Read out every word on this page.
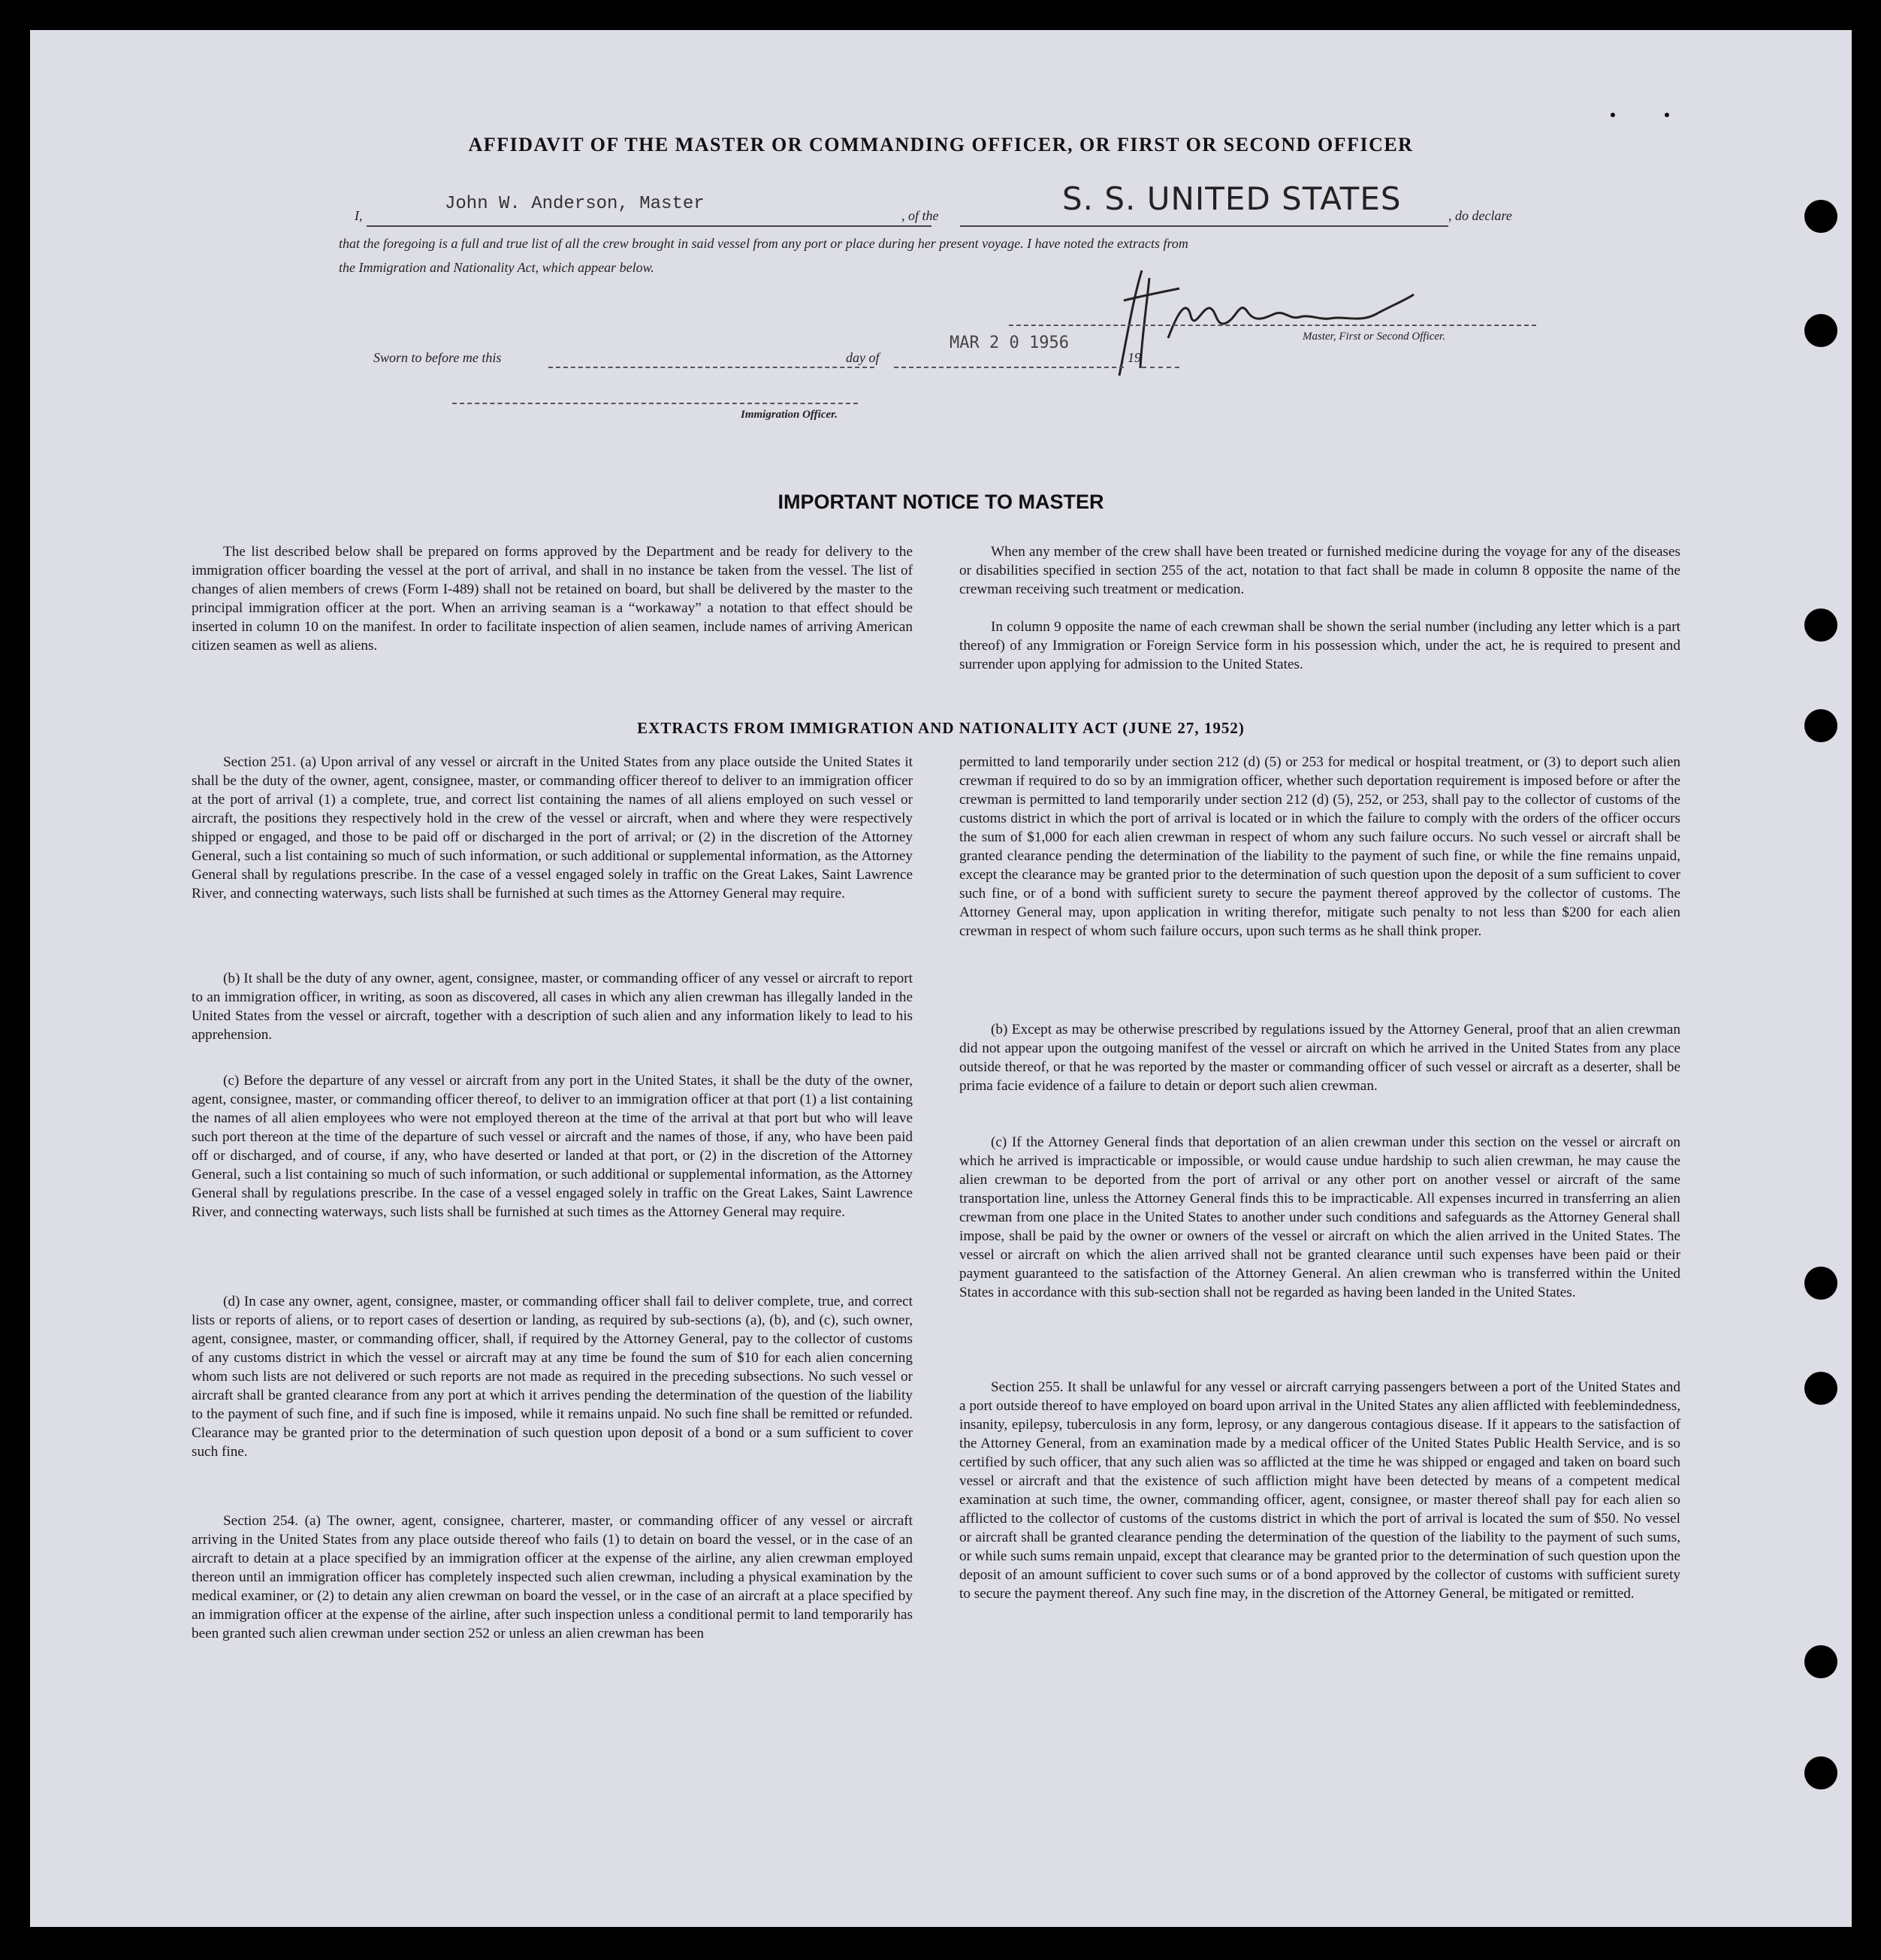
AFFIDAVIT OF THE MASTER OR COMMANDING OFFICER, OR FIRST OR SECOND OFFICER
I,
John W. Anderson, Master
, of the	S. S. UNITED STATES	, do declare
that the foregoing is a full and true list of all the crew brought in said vessel from any port or place during her present voyage. I have noted the extracts from
the Immigration and Nationality Act, which appear below.
Master, First or Second Officer.
Sworn to before me this	day of
MAR 2 0 1956
, 19
Immigration Officer.
IMPORTANT NOTICE TO MASTER

The list described below shall be prepared on forms approved by the Department and be ready for delivery to the immigration officer boarding the vessel at the port of arrival, and shall in no instance be taken from the vessel. The list of changes of alien members of crews (Form I-489) shall not be retained on board, but shall be delivered by the master to the principal immigration officer at the port. When an arriving seaman is a “workaway” a notation to that effect should be inserted in column 10 on the manifest. In order to facilitate inspection of alien seamen, include names of arriving American citizen seamen as well as aliens.

When any member of the crew shall have been treated or furnished medicine during the voyage for any of the diseases or disabilities specified in section 255 of the act, notation to that fact shall be made in column 8 opposite the name of the crewman receiving such treatment or medication.

In column 9 opposite the name of each crewman shall be shown the serial number (including any letter which is a part thereof) of any Immigration or Foreign Service form in his possession which, under the act, he is required to present and surrender upon applying for admission to the United States.

EXTRACTS FROM IMMIGRATION AND NATIONALITY ACT (JUNE 27, 1952)

Section 251. (a) Upon arrival of any vessel or aircraft in the United States from any place outside the United States it shall be the duty of the owner, agent, consignee, master, or commanding officer thereof to deliver to an immigration officer at the port of arrival (1) a complete, true, and correct list containing the names of all aliens employed on such vessel or aircraft, the positions they respectively hold in the crew of the vessel or aircraft, when and where they were respectively shipped or engaged, and those to be paid off or discharged in the port of arrival; or (2) in the discretion of the Attorney General, such a list containing so much of such information, or such additional or supplemental information, as the Attorney General shall by regulations prescribe. In the case of a vessel engaged solely in traffic on the Great Lakes, Saint Lawrence River, and connecting waterways, such lists shall be furnished at such times as the Attorney General may require.

(b) It shall be the duty of any owner, agent, consignee, master, or commanding officer of any vessel or aircraft to report to an immigration officer, in writing, as soon as discovered, all cases in which any alien crewman has illegally landed in the United States from the vessel or aircraft, together with a description of such alien and any information likely to lead to his apprehension.

(c) Before the departure of any vessel or aircraft from any port in the United States, it shall be the duty of the owner, agent, consignee, master, or commanding officer thereof, to deliver to an immigration officer at that port (1) a list containing the names of all alien employees who were not employed thereon at the time of the arrival at that port but who will leave such port thereon at the time of the departure of such vessel or aircraft and the names of those, if any, who have been paid off or discharged, and of course, if any, who have deserted or landed at that port, or (2) in the discretion of the Attorney General, such a list containing so much of such information, or such additional or supplemental information, as the Attorney General shall by regulations prescribe. In the case of a vessel engaged solely in traffic on the Great Lakes, Saint Lawrence River, and connecting waterways, such lists shall be furnished at such times as the Attorney General may require.

(d) In case any owner, agent, consignee, master, or commanding officer shall fail to deliver complete, true, and correct lists or reports of aliens, or to report cases of desertion or landing, as required by sub-sections (a), (b), and (c), such owner, agent, consignee, master, or commanding officer, shall, if required by the Attorney General, pay to the collector of customs of any customs district in which the vessel or aircraft may at any time be found the sum of $10 for each alien concerning whom such lists are not delivered or such reports are not made as required in the preceding subsections. No such vessel or aircraft shall be granted clearance from any port at which it arrives pending the determination of the question of the liability to the payment of such fine, and if such fine is imposed, while it remains unpaid. No such fine shall be remitted or refunded. Clearance may be granted prior to the determination of such question upon deposit of a bond or a sum sufficient to cover such fine.

Section 254. (a) The owner, agent, consignee, charterer, master, or commanding officer of any vessel or aircraft arriving in the United States from any place outside thereof who fails (1) to detain on board the vessel, or in the case of an aircraft to detain at a place specified by an immigration officer at the expense of the airline, any alien crewman employed thereon until an immigration officer has completely inspected such alien crewman, including a physical examination by the medical examiner, or (2) to detain any alien crewman on board the vessel, or in the case of an aircraft at a place specified by an immigration officer at the expense of the airline, after such inspection unless a conditional permit to land temporarily has been granted such alien crewman under section 252 or unless an alien crewman has been

permitted to land temporarily under section 212 (d) (5) or 253 for medical or hospital treatment, or (3) to deport such alien crewman if required to do so by an immigration officer, whether such deportation requirement is imposed before or after the crewman is permitted to land temporarily under section 212 (d) (5), 252, or 253, shall pay to the collector of customs of the customs district in which the port of arrival is located or in which the failure to comply with the orders of the officer occurs the sum of $1,000 for each alien crewman in respect of whom any such failure occurs. No such vessel or aircraft shall be granted clearance pending the determination of the liability to the payment of such fine, or while the fine remains unpaid, except the clearance may be granted prior to the determination of such question upon the deposit of a sum sufficient to cover such fine, or of a bond with sufficient surety to secure the payment thereof approved by the collector of customs. The Attorney General may, upon application in writing therefor, mitigate such penalty to not less than $200 for each alien crewman in respect of whom such failure occurs, upon such terms as he shall think proper.

(b) Except as may be otherwise prescribed by regulations issued by the Attorney General, proof that an alien crewman did not appear upon the outgoing manifest of the vessel or aircraft on which he arrived in the United States from any place outside thereof, or that he was reported by the master or commanding officer of such vessel or aircraft as a deserter, shall be prima facie evidence of a failure to detain or deport such alien crewman.

(c) If the Attorney General finds that deportation of an alien crewman under this section on the vessel or aircraft on which he arrived is impracticable or impossible, or would cause undue hardship to such alien crewman, he may cause the alien crewman to be deported from the port of arrival or any other port on another vessel or aircraft of the same transportation line, unless the Attorney General finds this to be impracticable. All expenses incurred in transferring an alien crewman from one place in the United States to another under such conditions and safeguards as the Attorney General shall impose, shall be paid by the owner or owners of the vessel or aircraft on which the alien arrived in the United States. The vessel or aircraft on which the alien arrived shall not be granted clearance until such expenses have been paid or their payment guaranteed to the satisfaction of the Attorney General. An alien crewman who is transferred within the United States in accordance with this sub-section shall not be regarded as having been landed in the United States.

Section 255. It shall be unlawful for any vessel or aircraft carrying passengers between a port of the United States and a port outside thereof to have employed on board upon arrival in the United States any alien afflicted with feeblemindedness, insanity, epilepsy, tuberculosis in any form, leprosy, or any dangerous contagious disease. If it appears to the satisfaction of the Attorney General, from an examination made by a medical officer of the United States Public Health Service, and is so certified by such officer, that any such alien was so afflicted at the time he was shipped or engaged and taken on board such vessel or aircraft and that the existence of such affliction might have been detected by means of a competent medical examination at such time, the owner, commanding officer, agent, consignee, or master thereof shall pay for each alien so afflicted to the collector of customs of the customs district in which the port of arrival is located the sum of $50. No vessel or aircraft shall be granted clearance pending the determination of the question of the liability to the payment of such sums, or while such sums remain unpaid, except that clearance may be granted prior to the determination of such question upon the deposit of an amount sufficient to cover such sums or of a bond approved by the collector of customs with sufficient surety to secure the payment thereof. Any such fine may, in the discretion of the Attorney General, be mitigated or remitted.
